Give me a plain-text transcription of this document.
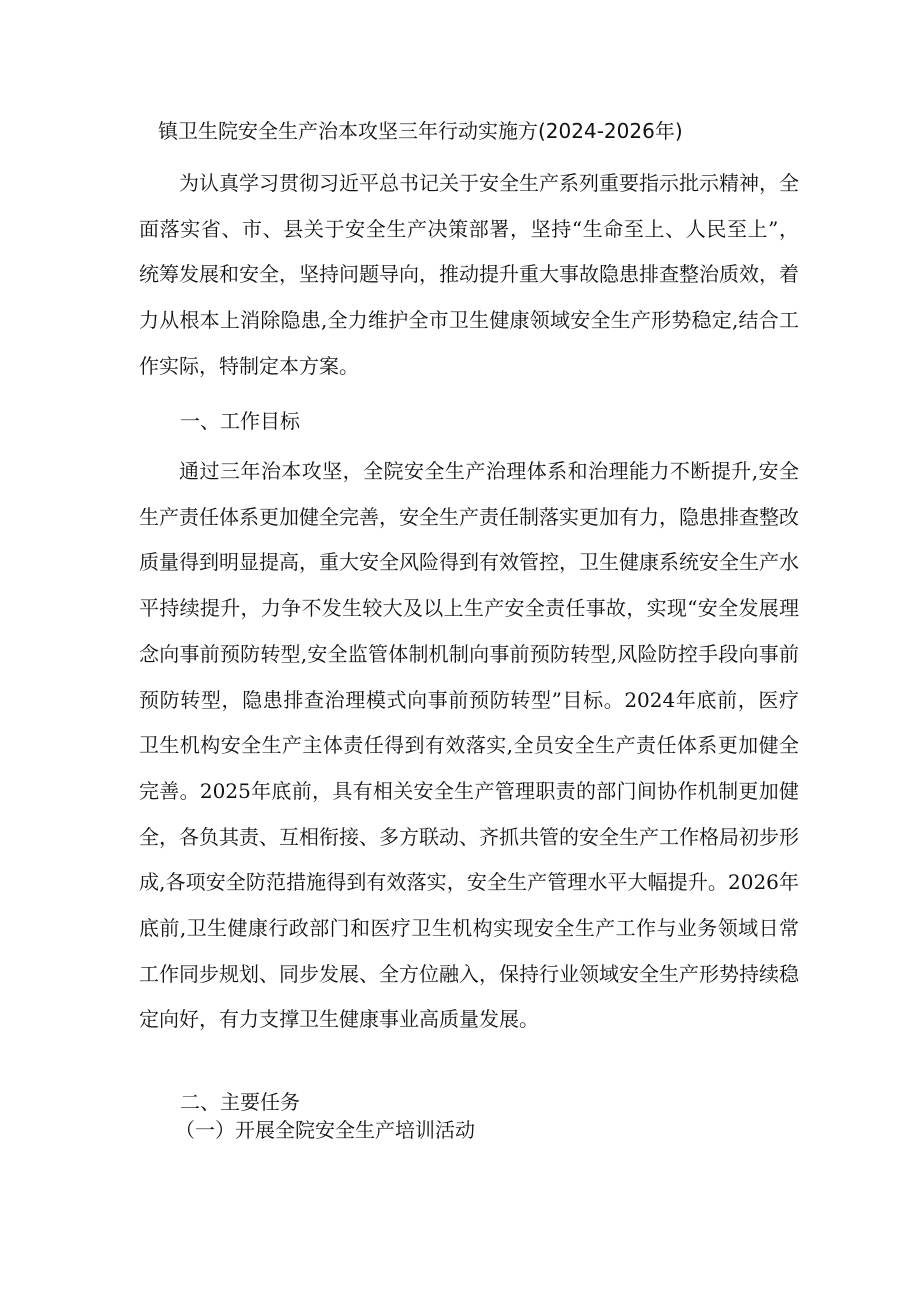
镇卫生院安全生产治本攻坚三年行动实施方(2024-2026年)

为认真学习贯彻习近平总书记关于安全生产系列重要指示批示精神，全面落实省、市、县关于安全生产决策部署，坚持“生命至上、人民至上”，统筹发展和安全，坚持问题导向，推动提升重大事故隐患排查整治质效，着力从根本上消除隐患,全力维护全市卫生健康领域安全生产形势稳定,结合工作实际，特制定本方案。

一、工作目标

通过三年治本攻坚，全院安全生产治理体系和治理能力不断提升,安全生产责任体系更加健全完善，安全生产责任制落实更加有力，隐患排查整改质量得到明显提高，重大安全风险得到有效管控，卫生健康系统安全生产水平持续提升，力争不发生较大及以上生产安全责任事故，实现“安全发展理念向事前预防转型,安全监管体制机制向事前预防转型,风险防控手段向事前预防转型，隐患排查治理模式向事前预防转型”目标。2024年底前，医疗卫生机构安全生产主体责任得到有效落实,全员安全生产责任体系更加健全完善。2025年底前，具有相关安全生产管理职责的部门间协作机制更加健全，各负其责、互相衔接、多方联动、齐抓共管的安全生产工作格局初步形成,各项安全防范措施得到有效落实，安全生产管理水平大幅提升。2026年底前,卫生健康行政部门和医疗卫生机构实现安全生产工作与业务领域日常工作同步规划、同步发展、全方位融入，保持行业领域安全生产形势持续稳定向好，有力支撑卫生健康事业高质量发展。

二、主要任务
（一）开展全院安全生产培训活动
